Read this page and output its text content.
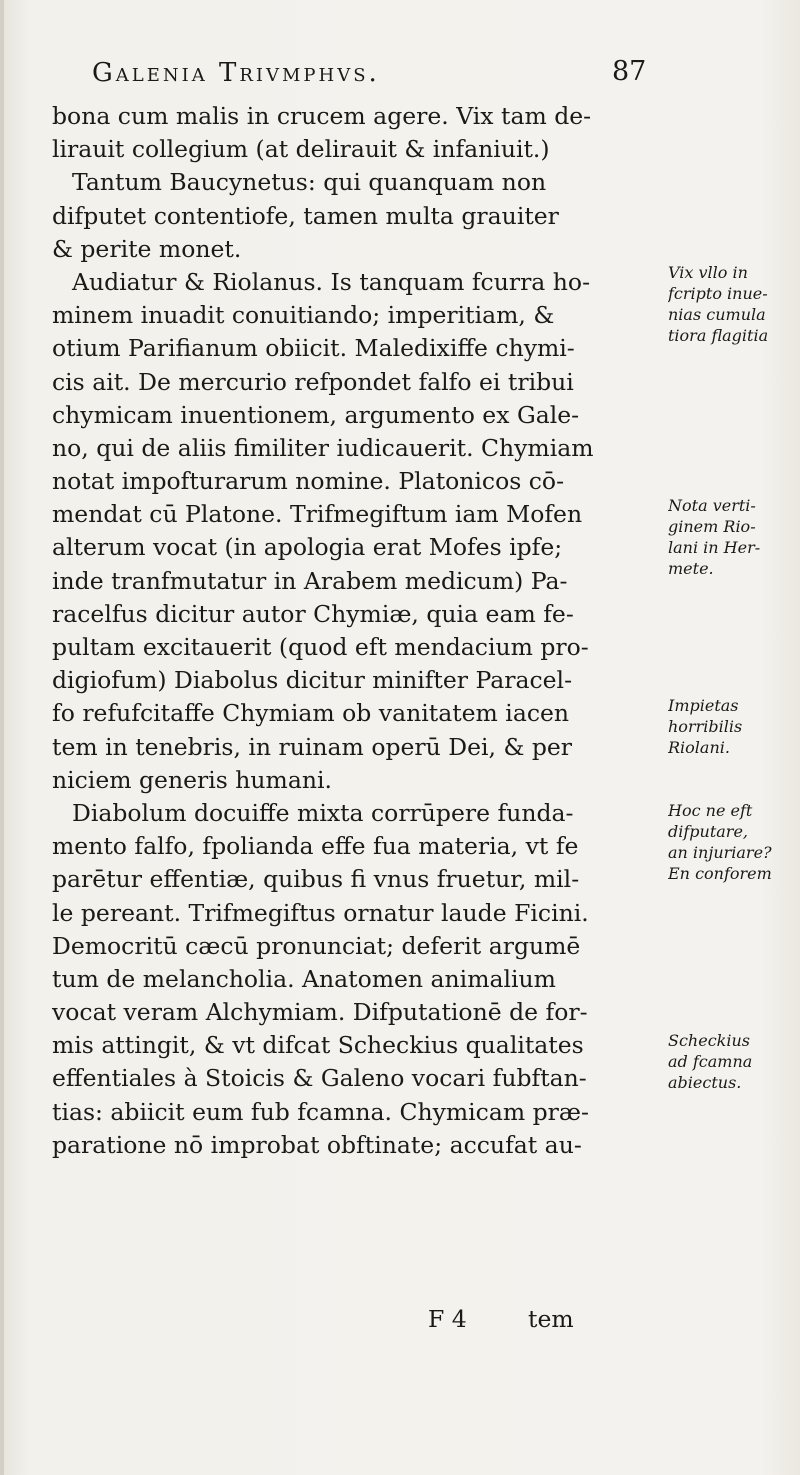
Galenia Trivmphvs.	87
bona cum malis in crucem agere. Vix tam de-
lirauit collegium (at delirauit & infaniuit.)
Tantum Baucynetus: qui quanquam non
difputet contentiofe, tamen multa grauiter
& perite monet.
Audiatur & Riolanus. Is tanquam fcurra ho-
minem inuadit conuitiando; imperitiam, &
otium Parifianum obiicit. Maledixiffe chymi-
cis ait. De mercurio refpondet falfo ei tribui
chymicam inuentionem, argumento ex Gale-
no, qui de aliis fimiliter iudicauerit. Chymiam
notat impofturarum nomine. Platonicos cō-
mendat cū Platone. Trifmegiftum iam Mofen
alterum vocat (in apologia erat Mofes ipfe;
inde tranfmutatur in Arabem medicum) Pa-
racelfus dicitur autor Chymiæ, quia eam fe-
pultam excitauerit (quod eft mendacium pro-
digiofum) Diabolus dicitur minifter Paracel-
fo refufcitaffe Chymiam ob vanitatem iacen
tem in tenebris, in ruinam operū Dei, & per
niciem generis humani.
Diabolum docuiffe mixta corrūpere funda-
mento falfo, fpolianda effe fua materia, vt fe
parētur effentiæ, quibus fi vnus fruetur, mil-
le pereant. Trifmegiftus ornatur laude Ficini.
Democritū cæcū pronunciat; deferit argumē
tum de melancholia. Anatomen animalium
vocat veram Alchymiam. Difputationē de for-
mis attingit, & vt difcat Scheckius qualitates
effentiales à Stoicis & Galeno vocari fubftan-
tias: abiicit eum fub fcamna. Chymicam præ-
paratione nō improbat obftinate; accufat au-
F 4	tem
Vix vllo in
fcripto inue-
nias cumula
tiora flagitia
Nota verti-
ginem Rio-
lani in Her-
mete.
Impietas
horribilis
Riolani.
Hoc ne eft
difputare,
an injuriare?
En conforem
Scheckius
ad fcamna
abiectus.
